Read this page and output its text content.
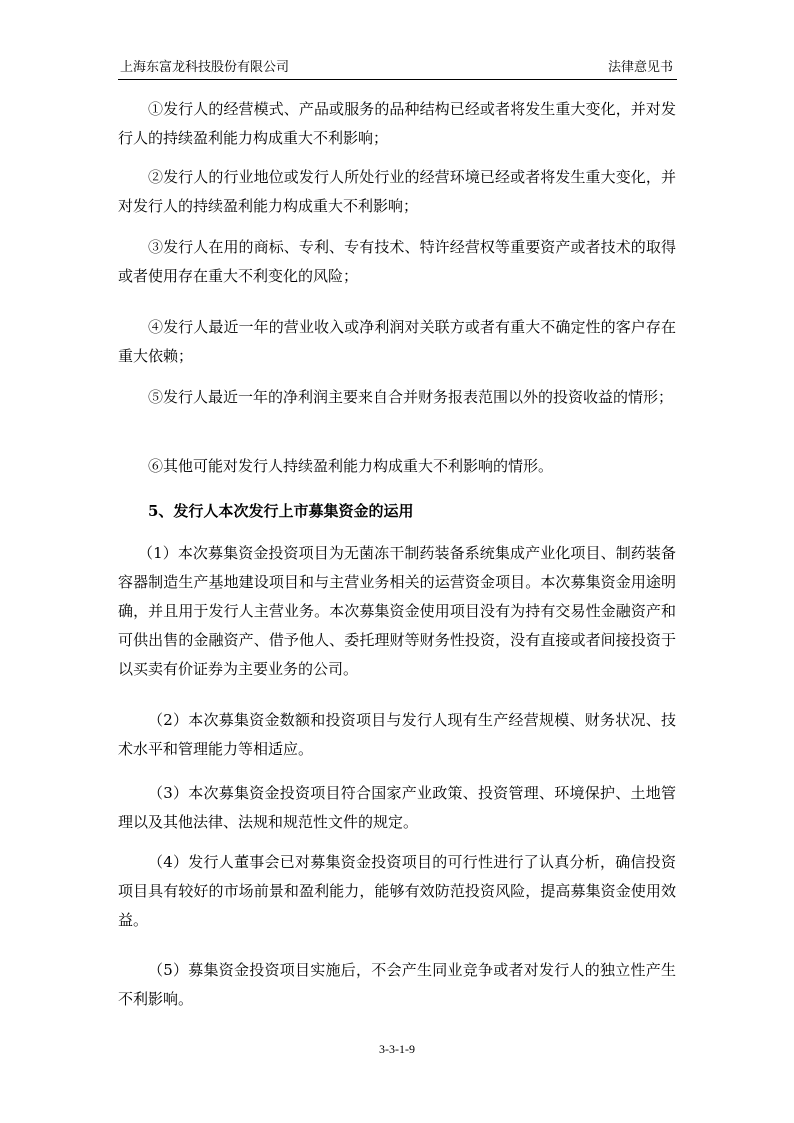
上海东富龙科技股份有限公司	法律意见书

①发行人的经营模式、产品或服务的品种结构已经或者将发生重大变化，并对发行人的持续盈利能力构成重大不利影响；

②发行人的行业地位或发行人所处行业的经营环境已经或者将发生重大变化，并对发行人的持续盈利能力构成重大不利影响；

③发行人在用的商标、专利、专有技术、特许经营权等重要资产或者技术的取得或者使用存在重大不利变化的风险；

④发行人最近一年的营业收入或净利润对关联方或者有重大不确定性的客户存在重大依赖；

⑤发行人最近一年的净利润主要来自合并财务报表范围以外的投资收益的情形；

⑥其他可能对发行人持续盈利能力构成重大不利影响的情形。

5、发行人本次发行上市募集资金的运用

（1）本次募集资金投资项目为无菌冻干制药装备系统集成产业化项目、制药装备容器制造生产基地建设项目和与主营业务相关的运营资金项目。本次募集资金用途明确，并且用于发行人主营业务。本次募集资金使用项目没有为持有交易性金融资产和可供出售的金融资产、借予他人、委托理财等财务性投资，没有直接或者间接投资于以买卖有价证券为主要业务的公司。

（2）本次募集资金数额和投资项目与发行人现有生产经营规模、财务状况、技术水平和管理能力等相适应。

（3）本次募集资金投资项目符合国家产业政策、投资管理、环境保护、土地管理以及其他法律、法规和规范性文件的规定。

（4）发行人董事会已对募集资金投资项目的可行性进行了认真分析，确信投资项目具有较好的市场前景和盈利能力，能够有效防范投资风险，提高募集资金使用效益。

（5）募集资金投资项目实施后，不会产生同业竞争或者对发行人的独立性产生不利影响。

3-3-1-9
